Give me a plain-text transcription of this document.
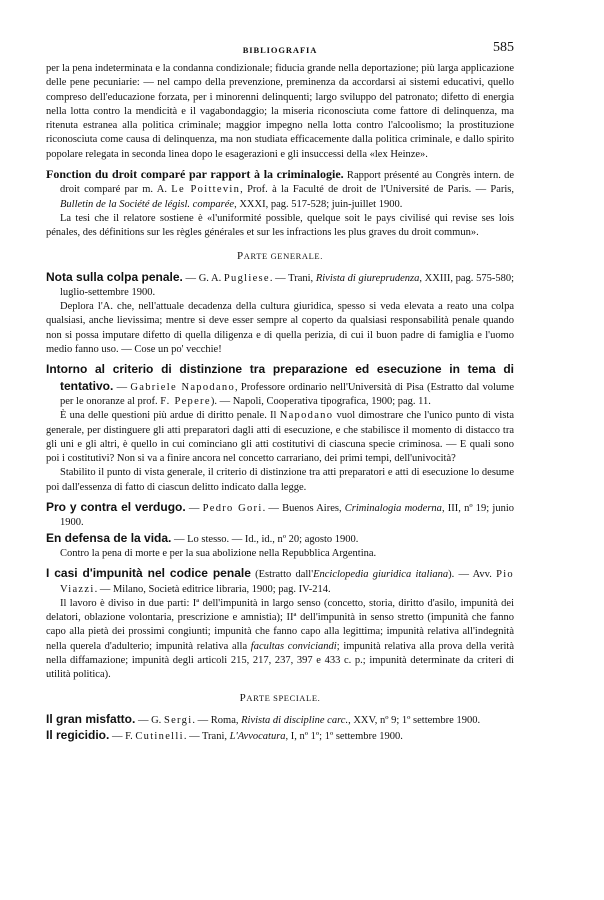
BIBLIOGRAFIA	585

per la pena indeterminata e la condanna condizionale; fiducia grande nella deportazione; più larga applicazione delle pene pecuniarie: — nel campo della prevenzione, preminenza da accordarsi ai sistemi educativi, quello compreso dell'educazione forzata, per i minorenni delinquenti; largo sviluppo del patronato; difetto di energia nella lotta contro la mendicità e il vagabondaggio; la miseria riconosciuta come fattore di delinquenza, ma ritenuta estranea alla politica criminale; maggior impegno nella lotta contro l'alcoolismo; la prostituzione riconosciuta come causa di delinquenza, ma non studiata efficacemente dalla politica criminale, e dallo spirito popolare relegata in seconda linea dopo le esagerazioni e gli insuccessi della «lex Heinze».

Fonction du droit comparé par rapport à la criminalogie. Rapport présenté au Congrès intern. de droit comparé par m. A. Le Poittevin, Prof. à la Faculté de droit de l'Université de Paris. — Paris, Bulletin de la Société de législ. comparée, XXXI, pag. 517-528; juin-juillet 1900.

La tesi che il relatore sostiene è «l'uniformité possible, quelque soit le pays civilisé qui revise ses lois pénales, des définitions sur les règles générales et sur les infractions les plus graves du droit commun».

PARTE GENERALE.

Nota sulla colpa penale. — G. A. Pugliese. — Trani, Rivista di giureprudenza, XXIII, pag. 575-580; luglio-settembre 1900.

Deplora l'A. che, nell'attuale decadenza della cultura giuridica, spesso si veda elevata a reato una colpa qualsiasi, anche lievissima; mentre si deve esser sempre al coperto da qualsiasi responsabilità penale quando non si possa imputare difetto di quella diligenza e di quella perizia, di cui il buon padre di famiglia e l'uomo medio fanno uso. — Cose un po' vecchie!

Intorno al criterio di distinzione tra preparazione ed esecuzione in tema di tentativo. — Gabriele Napodano, Professore ordinario nell'Università di Pisa (Estratto dal volume per le onoranze al prof. F. Pepere). — Napoli, Cooperativa tipografica, 1900; pag. 11.

È una delle questioni più ardue di diritto penale. Il Napodano vuol dimostrare che l'unico punto di vista generale, per distinguere gli atti preparatori dagli atti di esecuzione, e che stabilisce il momento di distacco tra gli uni e gli altri, è quello in cui cominciano gli atti costitutivi di ciascuna specie criminosa. — E quali sono poi i costitutivi? Non si va a finire ancora nel concetto carrariano, dei primi tempi, dell'univocità?

Stabilito il punto di vista generale, il criterio di distinzione tra atti preparatori e atti di esecuzione lo desume poi dall'essenza di fatto di ciascun delitto indicato dalla legge.

Pro y contra el verdugo. — Pedro Gori. — Buenos Aires, Criminalogia moderna, III, nº 19; junio 1900.

En defensa de la vida. — Lo stesso. — Id., id., nº 20; agosto 1900.

Contro la pena di morte e per la sua abolizione nella Repubblica Argentina.

I casi d'impunità nel codice penale (Estratto dall'Enciclopedia giuridica italiana). — Avv. Pio Viazzi. — Milano, Società editrice libraria, 1900; pag. IV-214.

Il lavoro è diviso in due parti: Iª dell'impunità in largo senso (concetto, storia, diritto d'asilo, impunità dei delatori, oblazione volontaria, prescrizione e amnistia); IIª dell'impunità in senso stretto (impunità che fanno capo alla pietà dei prossimi congiunti; impunità che fanno capo alla legittima; impunità relativa all'indegnità nella querela d'adulterio; impunità relativa alla facultas conviciandi; impunità relativa alla prova della verità nella diffamazione; impunità degli articoli 215, 217, 237, 397 e 433 c. p.; impunità determinate da criteri di utilità politica).

PARTE SPECIALE.

Il gran misfatto. — G. Sergi. — Roma, Rivista di discipline carc., XXV, nº 9; 1º settembre 1900.

Il regicidio. — F. Cutinelli. — Trani, L'Avvocatura, I, nº 1º; 1º settembre 1900.
